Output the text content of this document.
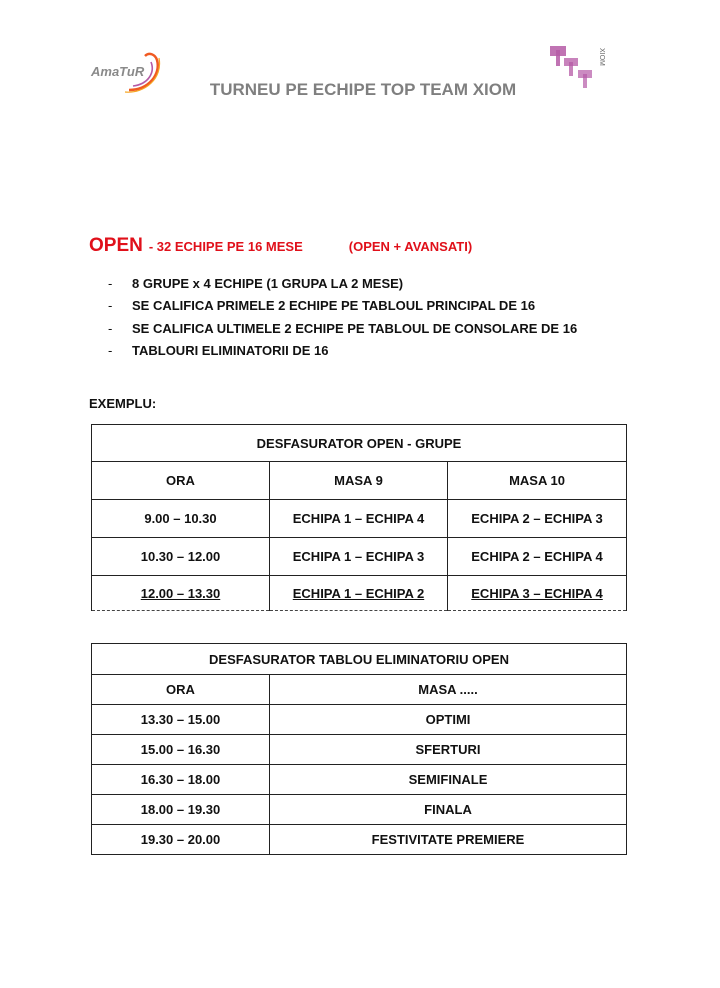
AmaTuR
XIOM
TURNEU PE ECHIPE TOP TEAM XIOM
OPEN - 32 ECHIPE PE 16 MESE	(OPEN + AVANSATI)
- 8 GRUPE x 4 ECHIPE (1 GRUPA LA 2 MESE)
- SE CALIFICA PRIMELE 2 ECHIPE PE TABLOUL PRINCIPAL DE 16
- SE CALIFICA ULTIMELE 2 ECHIPE PE TABLOUL DE CONSOLARE DE 16
- TABLOURI ELIMINATORII DE 16
EXEMPLU:
DESFASURATOR OPEN - GRUPE		
ORA	MASA 9	MASA 10
9.00 – 10.30	ECHIPA 1 – ECHIPA 4	ECHIPA 2 – ECHIPA 3
10.30 – 12.00	ECHIPA 1 – ECHIPA 3	ECHIPA 2 – ECHIPA 4
12.00 – 13.30	ECHIPA 1 – ECHIPA 2	ECHIPA 3 – ECHIPA 4
DESFASURATOR TABLOU ELIMINATORIU OPEN	
ORA	MASA .....
13.30 – 15.00	OPTIMI
15.00 – 16.30	SFERTURI
16.30 – 18.00	SEMIFINALE
18.00 – 19.30	FINALA
19.30 – 20.00	FESTIVITATE PREMIERE
